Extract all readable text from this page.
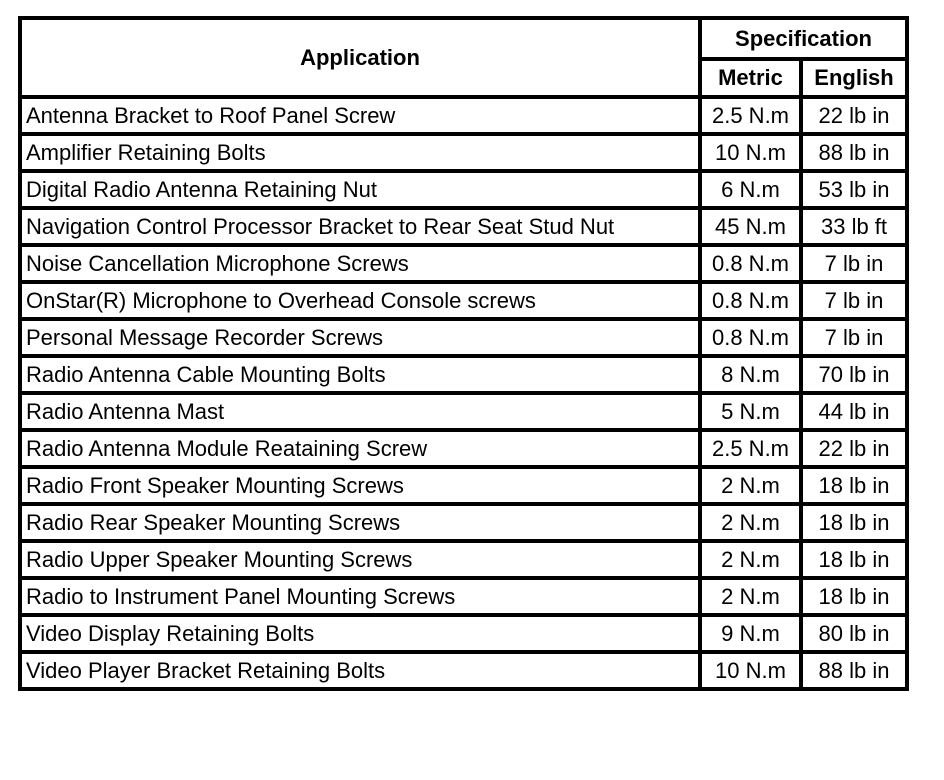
Application	Specification	
	Metric	English
Antenna Bracket to Roof Panel Screw	2.5 N.m	22 lb in
Amplifier Retaining Bolts	10 N.m	88 lb in
Digital Radio Antenna Retaining Nut	6 N.m	53 lb in
Navigation Control Processor Bracket to Rear Seat Stud Nut	45 N.m	33 lb ft
Noise Cancellation Microphone Screws	0.8 N.m	7 lb in
OnStar(R) Microphone to Overhead Console screws	0.8 N.m	7 lb in
Personal Message Recorder Screws	0.8 N.m	7 lb in
Radio Antenna Cable Mounting Bolts	8 N.m	70 lb in
Radio Antenna Mast	5 N.m	44 lb in
Radio Antenna Module Reataining Screw	2.5 N.m	22 lb in
Radio Front Speaker Mounting Screws	2 N.m	18 lb in
Radio Rear Speaker Mounting Screws	2 N.m	18 lb in
Radio Upper Speaker Mounting Screws	2 N.m	18 lb in
Radio to Instrument Panel Mounting Screws	2 N.m	18 lb in
Video Display Retaining Bolts	9 N.m	80 lb in
Video Player Bracket Retaining Bolts	10 N.m	88 lb in
